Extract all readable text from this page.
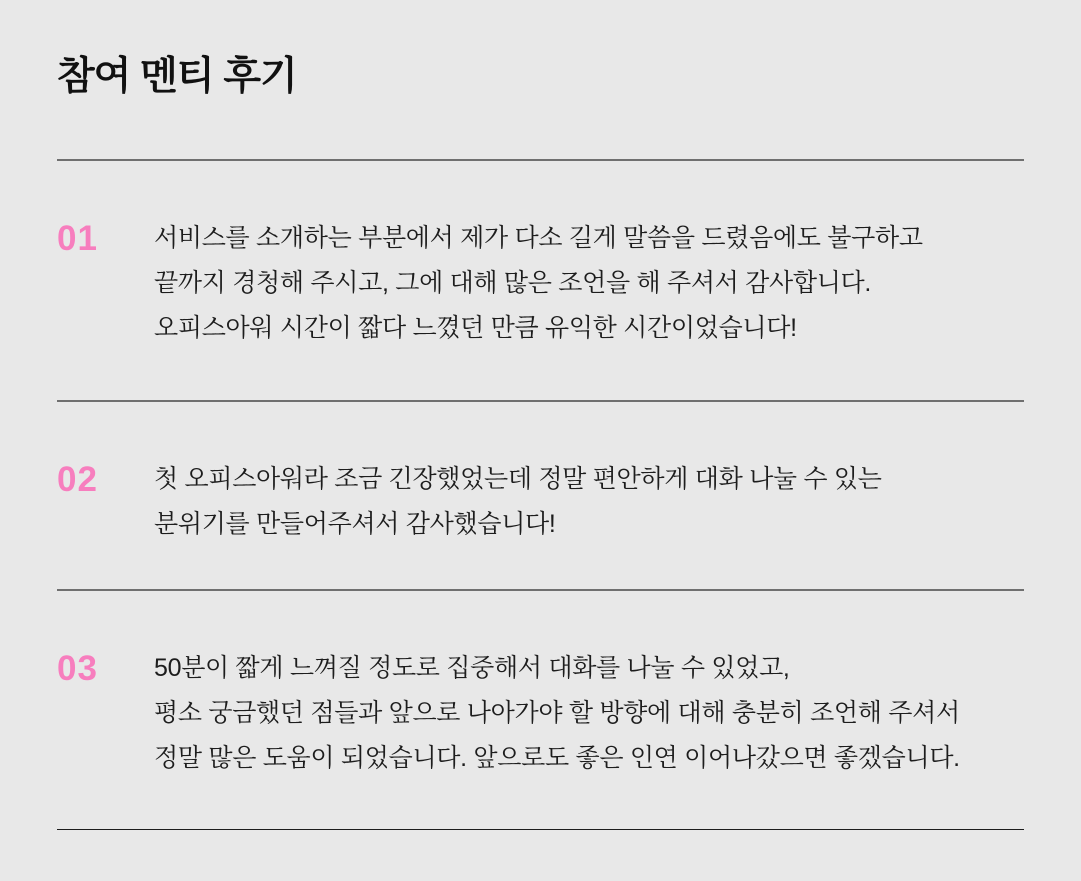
참여 멘티 후기
01	서비스를 소개하는 부분에서 제가 다소 길게 말씀을 드렸음에도 불구하고

끝까지 경청해 주시고, 그에 대해 많은 조언을 해 주셔서 감사합니다.

오피스아워 시간이 짧다 느꼈던 만큼 유익한 시간이었습니다!

02	첫 오피스아워라 조금 긴장했었는데 정말 편안하게 대화 나눌 수 있는

분위기를 만들어주셔서 감사했습니다!

03	50분이 짧게 느껴질 정도로 집중해서 대화를 나눌 수 있었고,

평소 궁금했던 점들과 앞으로 나아가야 할 방향에 대해 충분히 조언해 주셔서

정말 많은 도움이 되었습니다. 앞으로도 좋은 인연 이어나갔으면 좋겠습니다.
